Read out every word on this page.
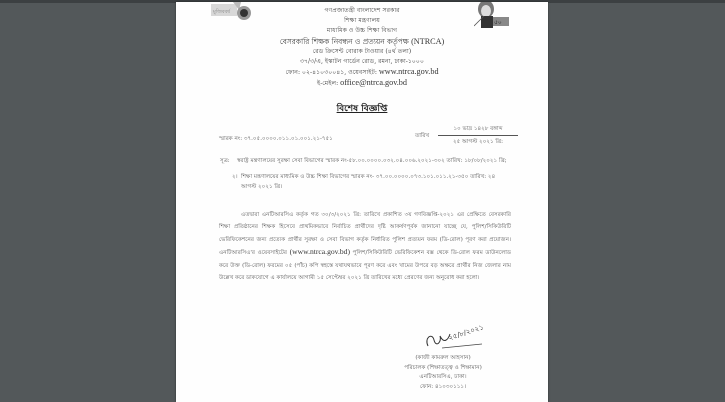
মুজিববর্ষ
৫০
গণপ্রজাতন্ত্রী বাংলাদেশ সরকার
শিক্ষা মন্ত্রণালয়
মাধ্যমিক ও উচ্চ শিক্ষা বিভাগ
বেসরকারি শিক্ষক নিবন্ধন ও প্রত্যয়ন কর্তৃপক্ষ (NTRCA)
রেড ক্রিসেন্ট বোরাক টাওয়ার (৪র্থ তলা)
৩৭/৩/এ, ইস্কাটন গার্ডেন রোড, রমনা, ঢাকা-১০০০
ফোন: ০২-৪১০৩০০৪১, ওয়েবসাইট: www.ntrca.gov.bd
ই-মেইল: office@ntrca.gov.bd
বিশেষ বিজ্ঞপ্তি
স্মারক নং: ৩৭.০৫.০০০০.০১১.০১.০০১.২১-৭৫১	তারিখ
১০ ভাদ্র ১৪২৮ বঙ্গাব্দ
২৫ আগস্ট ২০২১ খ্রি:
সূত্র:	স্বরাষ্ট্র মন্ত্রণালয়ের সুরক্ষা সেবা বিভাগের স্মারক নং-৫৮.০০.০০০০.০৩২.০৪.০০৬.২০২১-৩০২ তারিখ: ১৮/০৮/২০২১ খ্রি;
২। শিক্ষা মন্ত্রণালয়ের মাধ্যমিক ও উচ্চ শিক্ষা বিভাগের স্মারক নং- ৩৭.০০.০০০০.০৭৩.১০১.০১১.২১-৩৫০ তারিখ: ২৪ আগস্ট ২০২১ খ্রি।
এতদ্বারা এনটিআরসিএ কর্তৃক গত ৩০/৩/২০২১ খ্রি: তারিখে প্রকাশিত ৩য় গণবিজ্ঞপ্তি-২০২১ এর প্রেক্ষিতে বেসরকারি শিক্ষা প্রতিষ্ঠানের শিক্ষক হিসেবে প্রাথমিকভাবে নির্বাচিত প্রার্থীদের দৃষ্টি আকর্ষণপূর্বক জানানো যাচ্ছে যে, পুলিশ/সিকিউরিটি ভেরিফিকেশনের জন্য প্রত্যেক প্রার্থীর সুরক্ষা ও সেবা বিভাগ কর্তৃক নির্ধারিত পুলিশ প্রত্যয়ন ফরম (ডি-রোল) পূরণ করা প্রয়োজন। এনটিআরসিএ'র ওয়েবসাইটের (www.ntrca.gov.bd) পুলিশ/সিকিউরিটি ভেরিফিকেশন বক্স থেকে ডি-রোল ফরম ডাউনলোড করে উক্ত (ডি-রোল) ফরমের ০৫ (পাঁচ) কপি স্বহস্তে যথাযথভাবে পূরণ করে এবং খামের উপরে বড় অক্ষরে প্রার্থীর নিজ জেলার নাম উল্লেখ করে ডাকযোগে এ কার্যালয়ে আগামী ১৫ সেপ্টেম্বর ২০২১ খ্রি তারিখের মধ্যে প্রেরণের জন্য অনুরোধ করা হলো।
২৫/৮/২০২১
(কাজী কামরুল আহসান)
পরিচালক (শিক্ষাতত্ত্ব ও শিক্ষামান)
এনটিআরসিএ, ঢাকা।
ফোন: ৪১০৩০১১১।
